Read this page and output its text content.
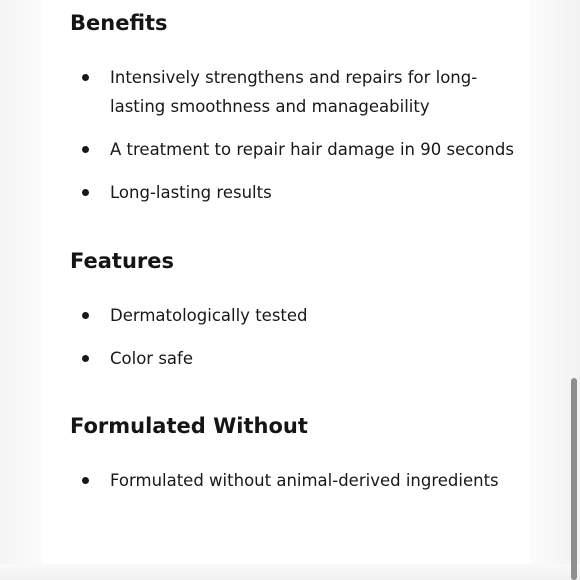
Benefits
Intensively strengthens and repairs for long-lasting smoothness and manageability
A treatment to repair hair damage in 90 seconds
Long-lasting results
Features
Dermatologically tested
Color safe
Formulated Without
Formulated without animal-derived ingredients
